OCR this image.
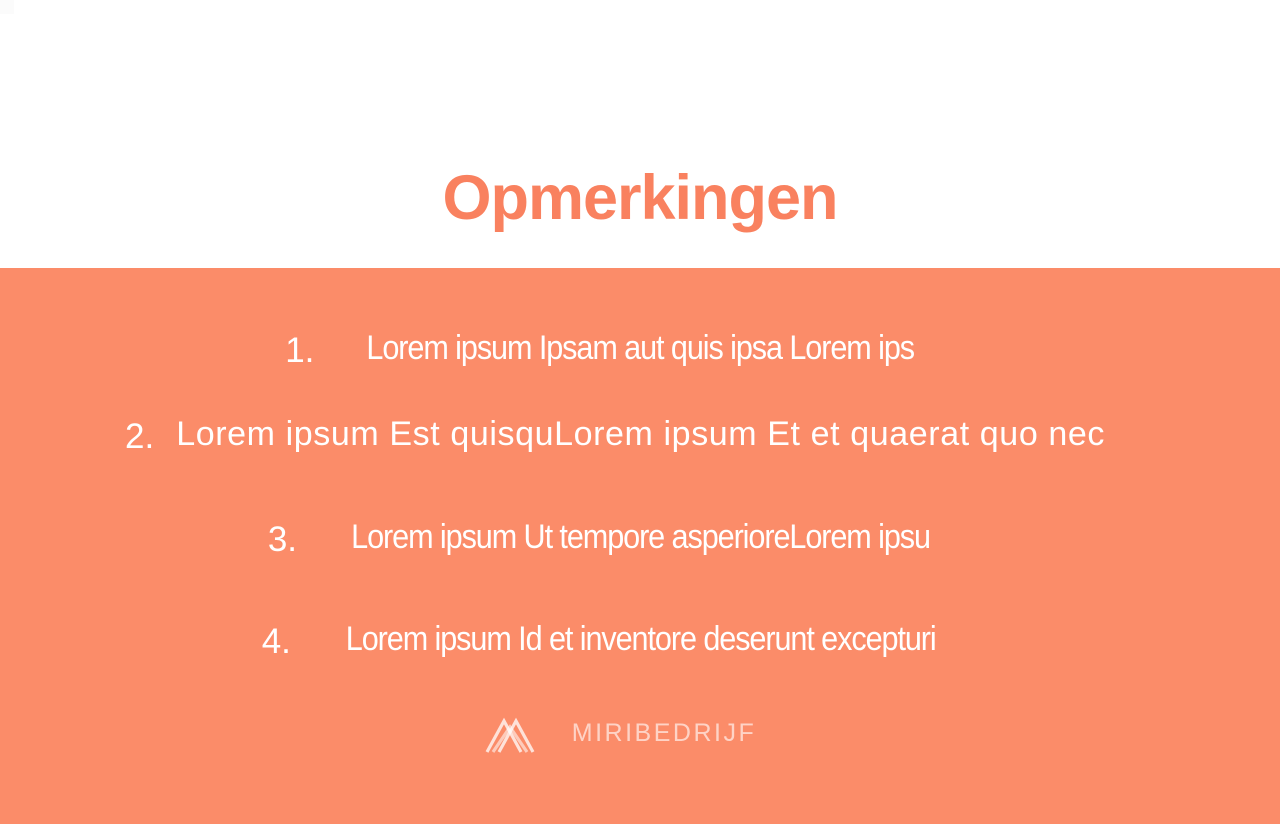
Opmerkingen
1. Lorem ipsum Ipsam aut quis ipsa Lorem ips
2. Lorem ipsum Est quisquLorem ipsum Et et quaerat quo nec
3. Lorem ipsum Ut tempore asperioreLorem ipsu
4. Lorem ipsum Id et inventore deserunt excepturi
MIRIBEDRIJF
